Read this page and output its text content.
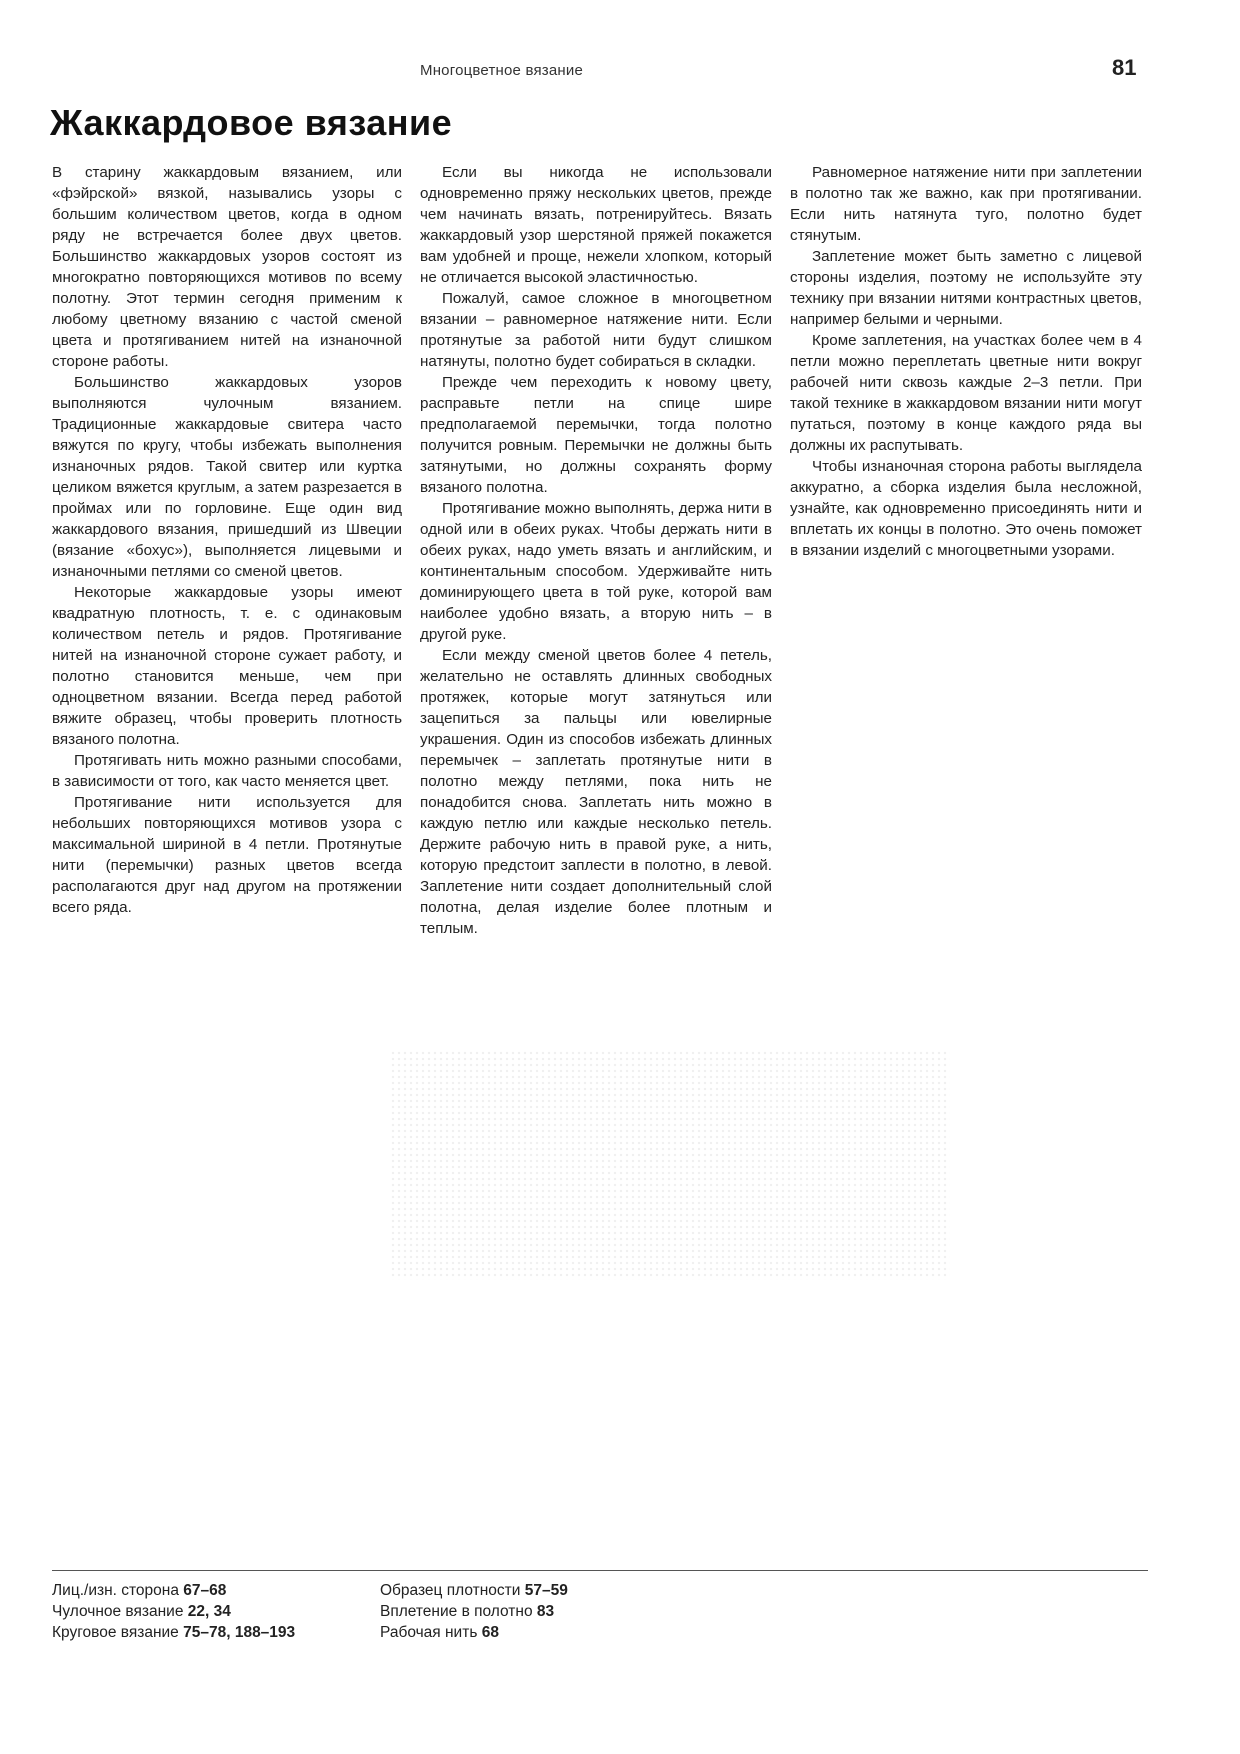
Многоцветное вязание	81
Жаккардовое вязание

В старину жаккардовым вязанием, или «фэйрской» вязкой, назывались узоры с большим количеством цветов, когда в одном ряду не встречается более двух цветов. Большинство жаккардовых узоров состоят из многократно повторяющихся мотивов по всему полотну. Этот термин сегодня применим к любому цветному вязанию с частой сменой цвета и протягиванием нитей на изнаночной стороне работы.

Большинство жаккардовых узоров выполняются чулочным вязанием. Традиционные жаккардовые свитера часто вяжутся по кругу, чтобы избежать выполнения изнаночных рядов. Такой свитер или куртка целиком вяжется круглым, а затем разрезается в проймах или по горловине. Еще один вид жаккардового вязания, пришедший из Швеции (вязание «бохус»), выполняется лицевыми и изнаночными петлями со сменой цветов.

Некоторые жаккардовые узоры имеют квадратную плотность, т. е. с одинаковым количеством петель и рядов. Протягивание нитей на изнаночной стороне сужает работу, и полотно становится меньше, чем при одноцветном вязании. Всегда перед работой вяжите образец, чтобы проверить плотность вязаного полотна.

Протягивать нить можно разными способами, в зависимости от того, как часто меняется цвет.

Протягивание нити используется для небольших повторяющихся мотивов узора с максимальной шириной в 4 петли. Протянутые нити (перемычки) разных цветов всегда располагаются друг над другом на протяжении всего ряда.

Если вы никогда не использовали одновременно пряжу нескольких цветов, прежде чем начинать вязать, потренируйтесь. Вязать жаккардовый узор шерстяной пряжей покажется вам удобней и проще, нежели хлопком, который не отличается высокой эластичностью.

Пожалуй, самое сложное в многоцветном вязании – равномерное натяжение нити. Если протянутые за работой нити будут слишком натянуты, полотно будет собираться в складки.

Прежде чем переходить к новому цвету, расправьте петли на спице шире предполагаемой перемычки, тогда полотно получится ровным. Перемычки не должны быть затянутыми, но должны сохранять форму вязаного полотна.

Протягивание можно выполнять, держа нити в одной или в обеих руках. Чтобы держать нити в обеих руках, надо уметь вязать и английским, и континентальным способом. Удерживайте нить доминирующего цвета в той руке, которой вам наиболее удобно вязать, а вторую нить – в другой руке.

Если между сменой цветов более 4 петель, желательно не оставлять длинных свободных протяжек, которые могут затянуться или зацепиться за пальцы или ювелирные украшения. Один из способов избежать длинных перемычек – заплетать протянутые нити в полотно между петлями, пока нить не понадобится снова. Заплетать нить можно в каждую петлю или каждые несколько петель. Держите рабочую нить в правой руке, а нить, которую предстоит заплести в полотно, в левой. Заплетение нити создает дополнительный слой полотна, делая изделие более плотным и теплым.

Равномерное натяжение нити при заплетении в полотно так же важно, как при протягивании. Если нить натянута туго, полотно будет стянутым.

Заплетение может быть заметно с лицевой стороны изделия, поэтому не используйте эту технику при вязании нитями контрастных цветов, например белыми и черными.

Кроме заплетения, на участках более чем в 4 петли можно переплетать цветные нити вокруг рабочей нити сквозь каждые 2–3 петли. При такой технике в жаккардовом вязании нити могут путаться, поэтому в конце каждого ряда вы должны их распутывать.

Чтобы изнаночная сторона работы выглядела аккуратно, а сборка изделия была несложной, узнайте, как одновременно присоединять нити и вплетать их концы в полотно. Это очень поможет в вязании изделий с многоцветными узорами.

Лиц./изн. сторона 67–68
Чулочное вязание 22, 34
Круговое вязание 75–78, 188–193
Образец плотности 57–59
Вплетение в полотно 83
Рабочая нить 68
